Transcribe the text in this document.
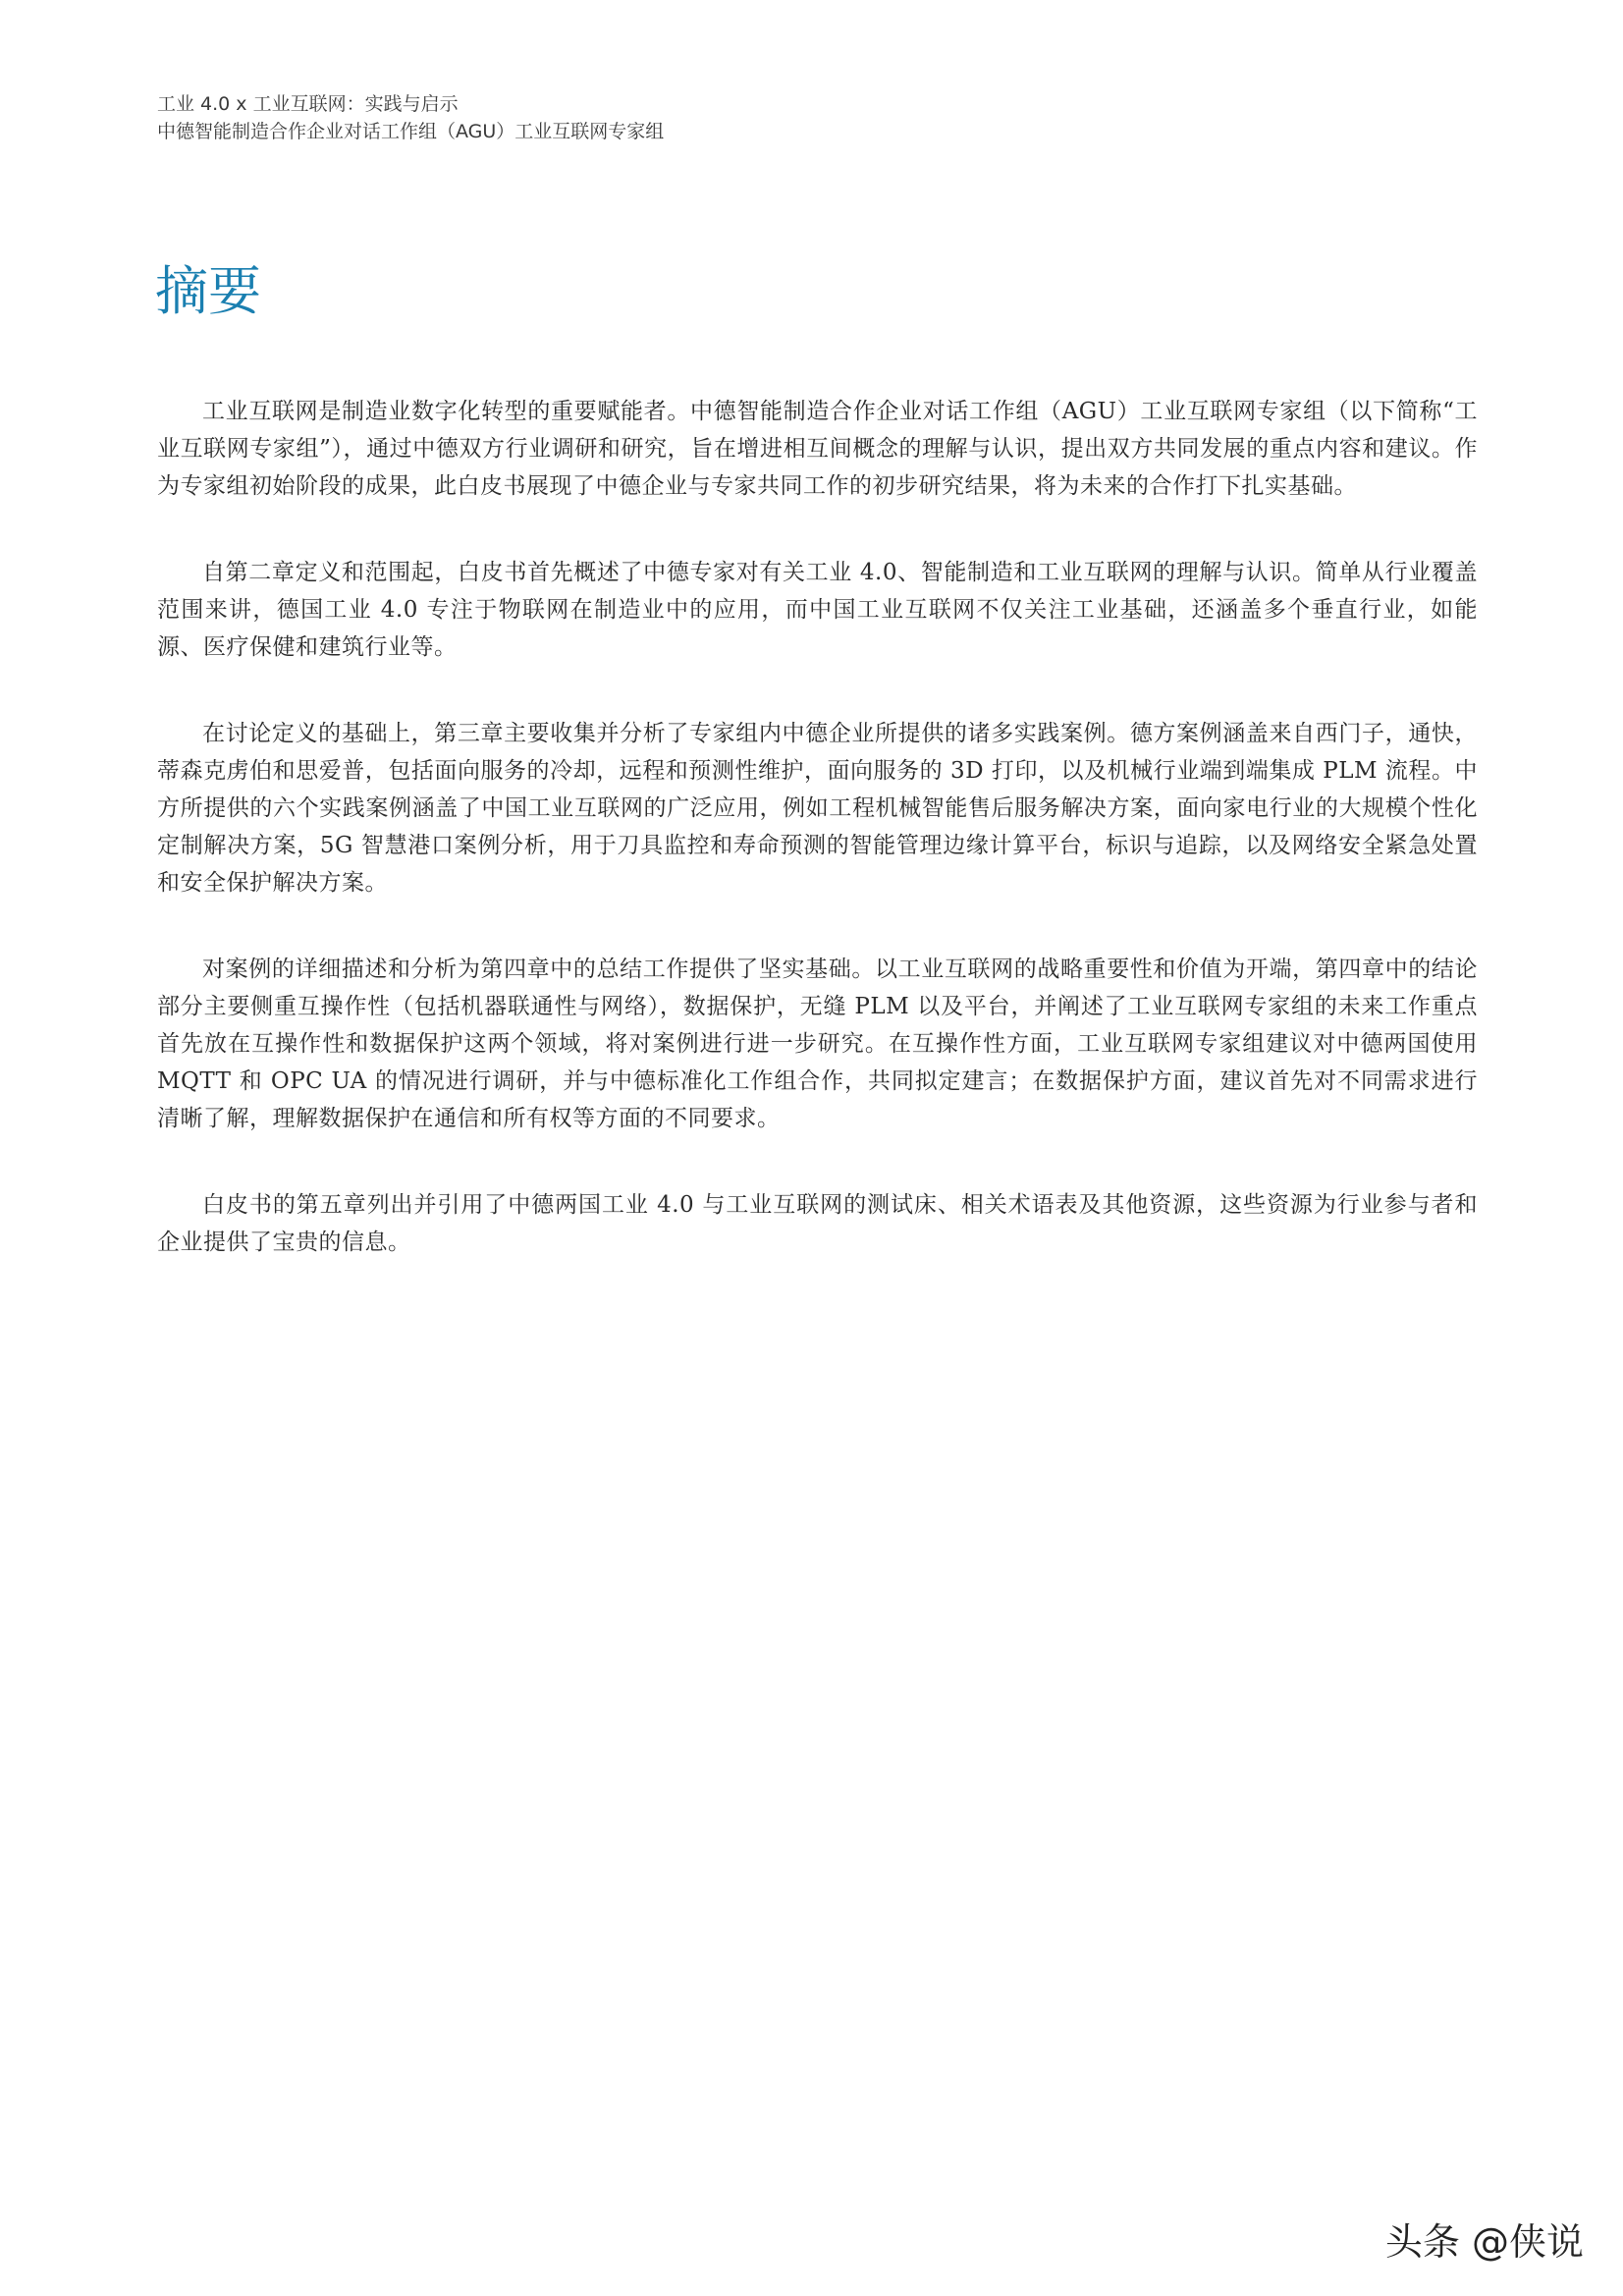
工业 4.0 x 工业互联网：实践与启示
中德智能制造合作企业对话工作组（AGU）工业互联网专家组
摘要

工业互联网是制造业数字化转型的重要赋能者。中德智能制造合作企业对话工作组（AGU）工业互联网专家组（以下简称“工业互联网专家组”），通过中德双方行业调研和研究，旨在增进相互间概念的理解与认识，提出双方共同发展的重点内容和建议。作为专家组初始阶段的成果，此白皮书展现了中德企业与专家共同工作的初步研究结果，将为未来的合作打下扎实基础。

自第二章定义和范围起，白皮书首先概述了中德专家对有关工业 4.0、智能制造和工业互联网的理解与认识。简单从行业覆盖范围来讲，德国工业 4.0 专注于物联网在制造业中的应用，而中国工业互联网不仅关注工业基础，还涵盖多个垂直行业，如能源、医疗保健和建筑行业等。

在讨论定义的基础上，第三章主要收集并分析了专家组内中德企业所提供的诸多实践案例。德方案例涵盖来自西门子，通快，蒂森克虏伯和思爱普，包括面向服务的冷却，远程和预测性维护，面向服务的 3D 打印，以及机械行业端到端集成 PLM 流程。中方所提供的六个实践案例涵盖了中国工业互联网的广泛应用，例如工程机械智能售后服务解决方案，面向家电行业的大规模个性化定制解决方案，5G 智慧港口案例分析，用于刀具监控和寿命预测的智能管理边缘计算平台，标识与追踪，以及网络安全紧急处置和安全保护解决方案。

对案例的详细描述和分析为第四章中的总结工作提供了坚实基础。以工业互联网的战略重要性和价值为开端，第四章中的结论部分主要侧重互操作性（包括机器联通性与网络），数据保护，无缝 PLM 以及平台，并阐述了工业互联网专家组的未来工作重点首先放在互操作性和数据保护这两个领域，将对案例进行进一步研究。在互操作性方面，工业互联网专家组建议对中德两国使用 MQTT 和 OPC UA 的情况进行调研，并与中德标准化工作组合作，共同拟定建言；在数据保护方面，建议首先对不同需求进行清晰了解，理解数据保护在通信和所有权等方面的不同要求。

白皮书的第五章列出并引用了中德两国工业 4.0 与工业互联网的测试床、相关术语表及其他资源，这些资源为行业参与者和企业提供了宝贵的信息。

头条 @侠说
